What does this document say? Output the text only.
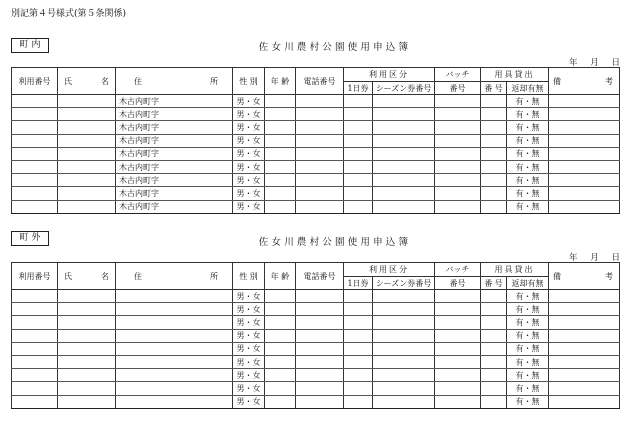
別記第４号様式(第５条関係)
町内	佐女川農村公園使用申込簿
年 月 日
利用番号	氏 名	住 所	性 別	年 齢	電話番号	利用区分		バッチ	用具貸出		備 考

						1日券	シーズン券番号	番号	番 号	返却有無	
		木古内町字	男・女							有・無	
		木古内町字	男・女							有・無	
		木古内町字	男・女							有・無	
		木古内町字	男・女							有・無	
		木古内町字	男・女							有・無	
		木古内町字	男・女							有・無	
		木古内町字	男・女							有・無	
		木古内町字	男・女							有・無	
		木古内町字	男・女							有・無	
町外	佐女川農村公園使用申込簿
年 月 日
利用番号	氏 名	住 所	性 別	年 齢	電話番号	利用区分		バッチ	用具貸出		備 考

						1日券	シーズン券番号	番号	番 号	返却有無	
			男・女							有・無	
			男・女							有・無	
			男・女							有・無	
			男・女							有・無	
			男・女							有・無	
			男・女							有・無	
			男・女							有・無	
			男・女							有・無	
			男・女							有・無	
